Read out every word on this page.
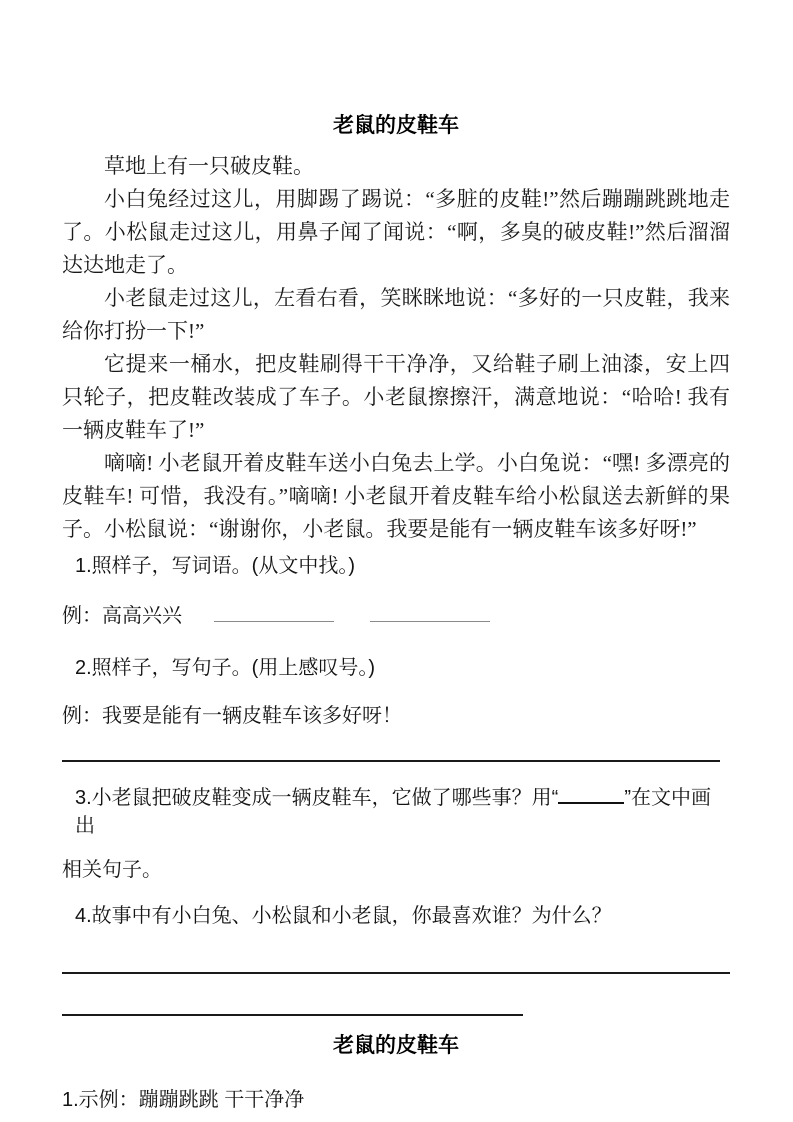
老鼠的皮鞋车

草地上有一只破皮鞋。

小白兔经过这儿，用脚踢了踢说：“多脏的皮鞋!”然后蹦蹦跳跳地走了。小松鼠走过这儿，用鼻子闻了闻说：“啊，多臭的破皮鞋!”然后溜溜达达地走了。

小老鼠走过这儿，左看右看，笑眯眯地说：“多好的一只皮鞋，我来给你打扮一下!”

它提来一桶水，把皮鞋刷得干干净净，又给鞋子刷上油漆，安上四只轮子，把皮鞋改装成了车子。小老鼠擦擦汗，满意地说：“哈哈! 我有一辆皮鞋车了!”

嘀嘀! 小老鼠开着皮鞋车送小白兔去上学。小白兔说：“嘿! 多漂亮的皮鞋车! 可惜，我没有。”嘀嘀! 小老鼠开着皮鞋车给小松鼠送去新鲜的果子。小松鼠说：“谢谢你，小老鼠。我要是能有一辆皮鞋车该多好呀!”

1.照样子，写词语。(从文中找。)
例：高高兴兴
2.照样子，写句子。(用上感叹号。)
例：我要是能有一辆皮鞋车该多好呀！
3.小老鼠把破皮鞋变成一辆皮鞋车，它做了哪些事？用“	”在文中画出
相关句子。
4.故事中有小白兔、小松鼠和小老鼠，你最喜欢谁？为什么？
老鼠的皮鞋车
1.示例：蹦蹦跳跳 干干净净
